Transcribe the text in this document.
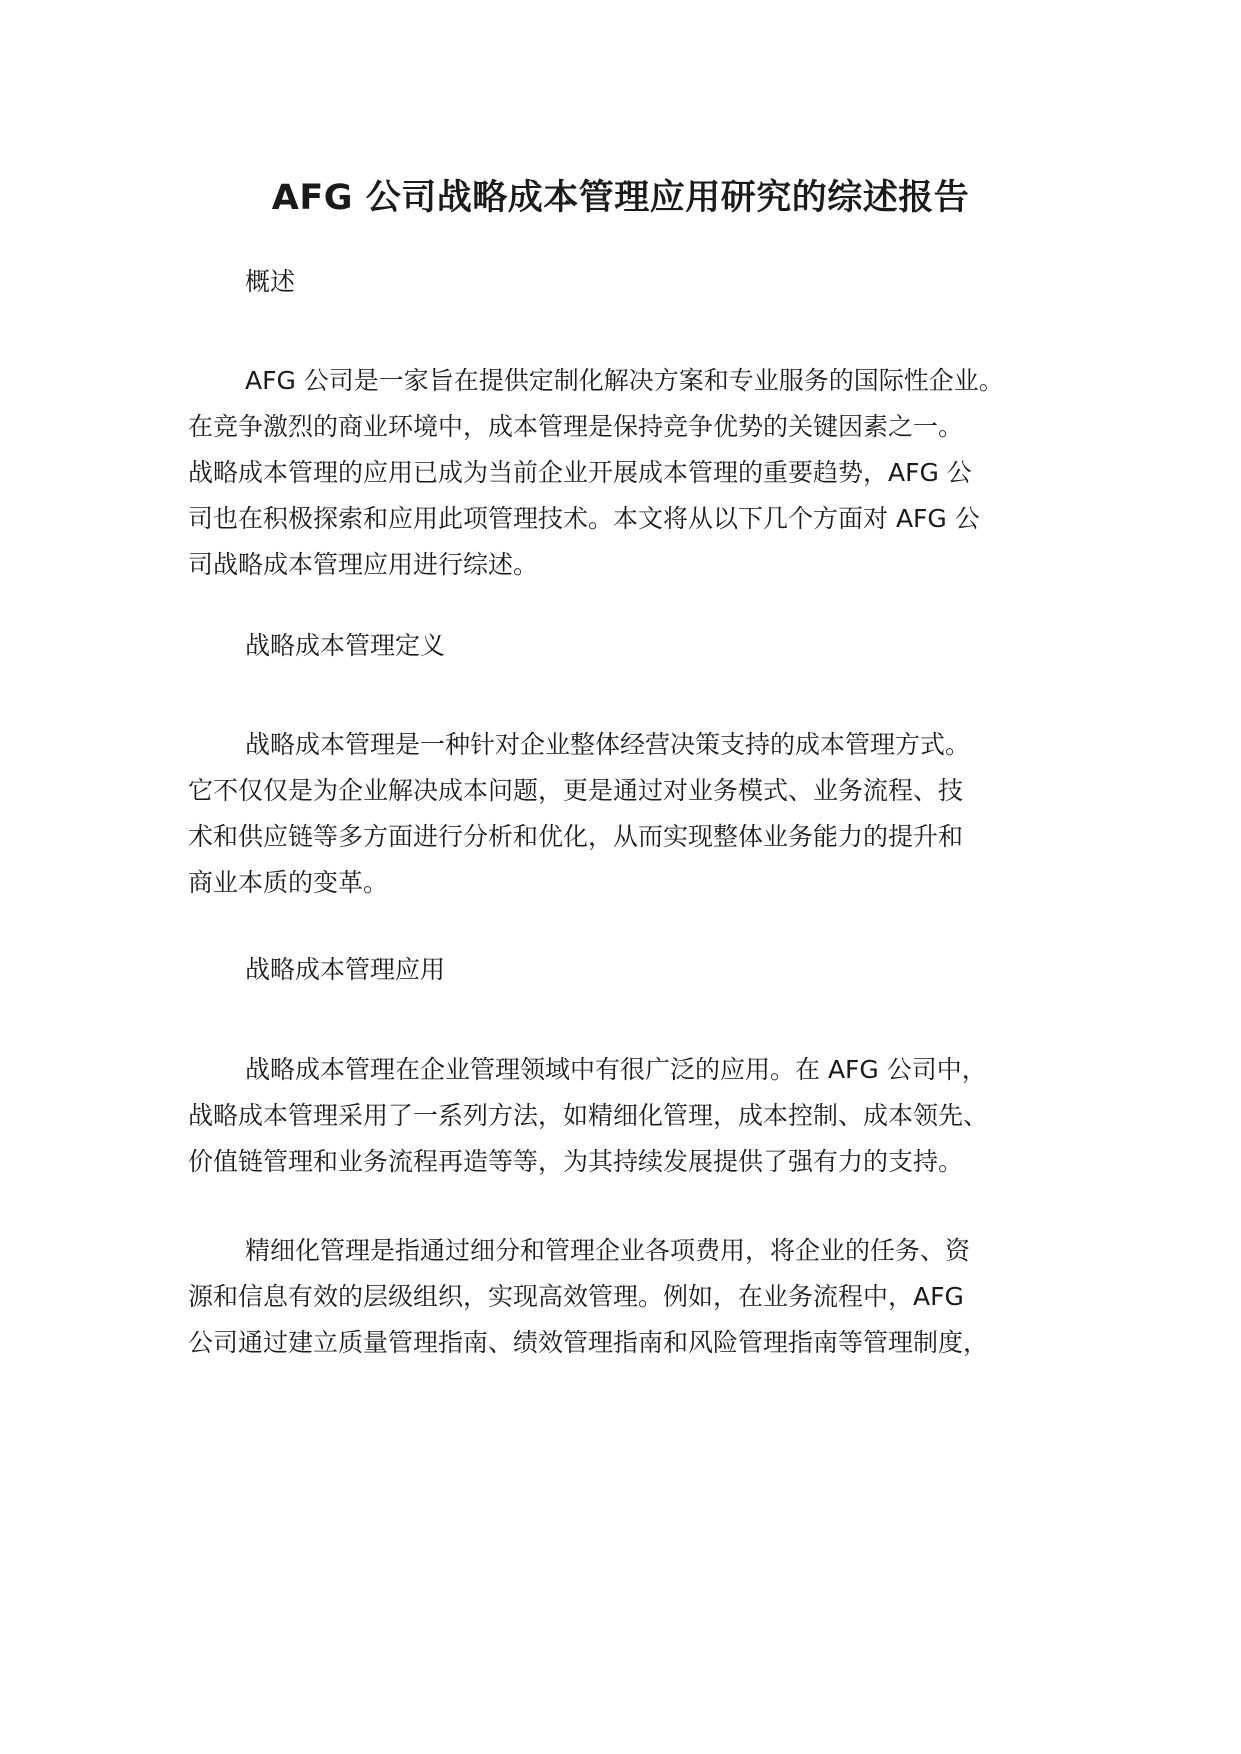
AFG 公司战略成本管理应用研究的综述报告
概述
AFG 公司是一家旨在提供定制化解决方案和专业服务的国际性企业。
在竞争激烈的商业环境中，成本管理是保持竞争优势的关键因素之一。
战略成本管理的应用已成为当前企业开展成本管理的重要趋势，AFG 公
司也在积极探索和应用此项管理技术。本文将从以下几个方面对 AFG 公
司战略成本管理应用进行综述。
战略成本管理定义
战略成本管理是一种针对企业整体经营决策支持的成本管理方式。
它不仅仅是为企业解决成本问题，更是通过对业务模式、业务流程、技
术和供应链等多方面进行分析和优化，从而实现整体业务能力的提升和
商业本质的变革。
战略成本管理应用
战略成本管理在企业管理领域中有很广泛的应用。在 AFG 公司中，
战略成本管理采用了一系列方法，如精细化管理，成本控制、成本领先、
价值链管理和业务流程再造等等，为其持续发展提供了强有力的支持。
精细化管理是指通过细分和管理企业各项费用，将企业的任务、资
源和信息有效的层级组织，实现高效管理。例如，在业务流程中，AFG
公司通过建立质量管理指南、绩效管理指南和风险管理指南等管理制度，
